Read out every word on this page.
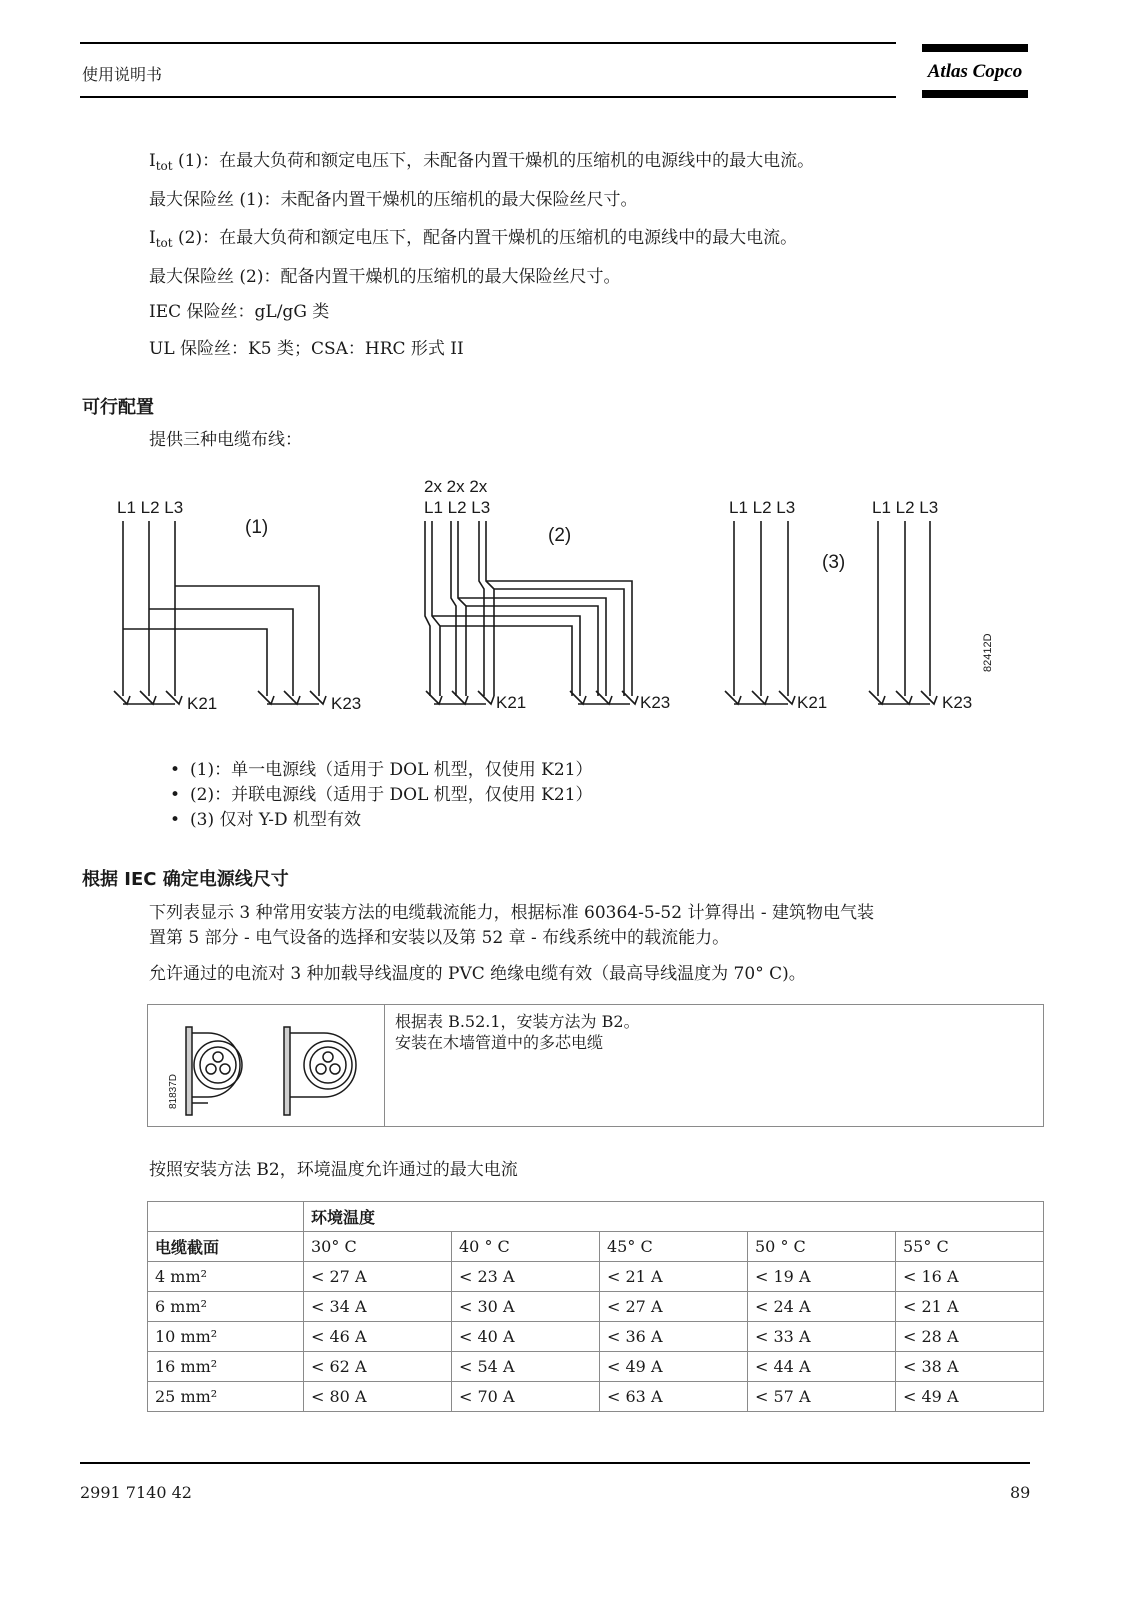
使用说明书	Atlas Copco
$I_{tot}$ (1)：在最大负荷和额定电压下，未配备内置干燥机的压缩机的电源线中的最大电流。
最大保险丝 (1)：未配备内置干燥机的压缩机的最大保险丝尺寸。
$I_{tot}$ (2)：在最大负荷和额定电压下，配备内置干燥机的压缩机的电源线中的最大电流。
最大保险丝 (2)：配备内置干燥机的压缩机的最大保险丝尺寸。
IEC 保险丝：gL/gG 类
UL 保险丝：K5 类；CSA：HRC 形式 II
可行配置
提供三种电缆布线：
L1 L2 L3
(1)
2x 2x 2x
L1 L2 L3
(2)
L1 L2 L3	L1 L2 L3
(3)
K21	K23	K21	K23	K21	K23
82412D
• (1)：单一电源线（适用于 DOL 机型，仅使用 K21）
• (2)：并联电源线（适用于 DOL 机型，仅使用 K21）
• (3) 仅对 Y-D 机型有效
根据 IEC 确定电源线尺寸
下列表显示 3 种常用安装方法的电缆载流能力，根据标准 60364-5-52 计算得出 - 建筑物电气装
置第 5 部分 - 电气设备的选择和安装以及第 52 章 - 布线系统中的载流能力。
允许通过的电流对 3 种加载导线温度的 PVC 绝缘电缆有效（最高导线温度为 70° C)。
81837D
根据表 B.52.1，安装方法为 B2。
安装在木墙管道中的多芯电缆
按照安装方法 B2，环境温度允许通过的最大电流
	环境温度				
电缆截面	30° C	40 ° C	45° C	50 ° C	55° C
4 mm²	< 27 A	< 23 A	< 21 A	< 19 A	< 16 A
6 mm²	< 34 A	< 30 A	< 27 A	< 24 A	< 21 A
10 mm²	< 46 A	< 40 A	< 36 A	< 33 A	< 28 A
16 mm²	< 62 A	< 54 A	< 49 A	< 44 A	< 38 A
25 mm²	< 80 A	< 70 A	< 63 A	< 57 A	< 49 A
2991 7140 42	89
